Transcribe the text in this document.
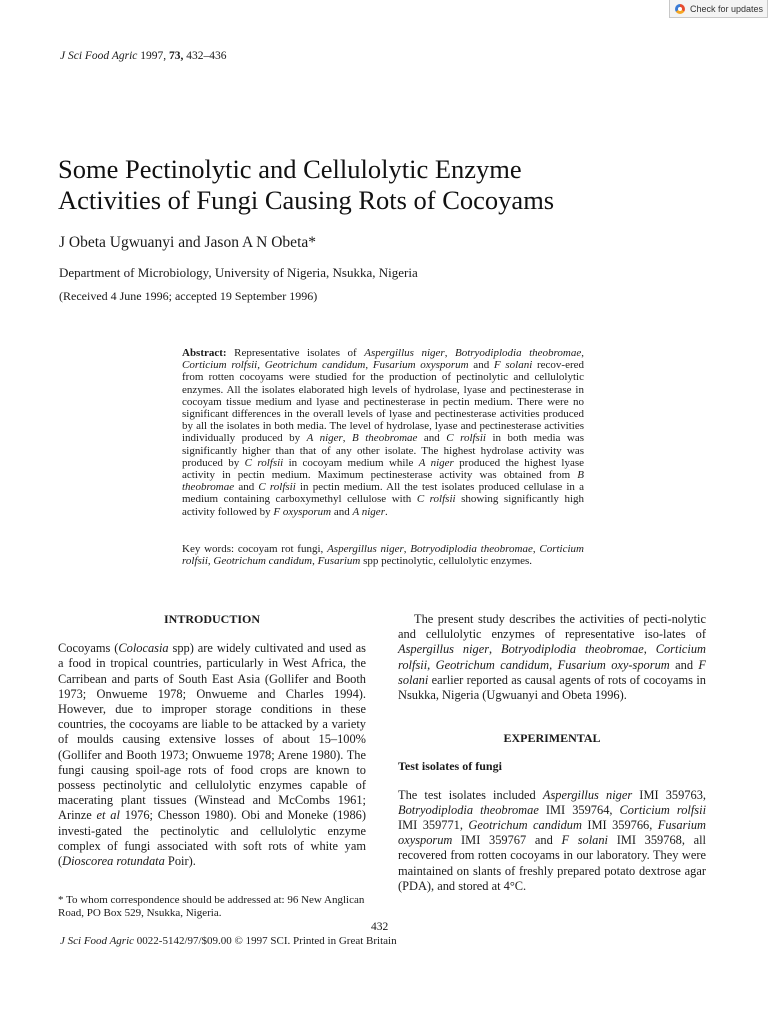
Check for updates
J Sci Food Agric 1997, 73, 432–436
Some Pectinolytic and Cellulolytic Enzyme
Activities of Fungi Causing Rots of Cocoyams
J Obeta Ugwuanyi and Jason A N Obeta*
Department of Microbiology, University of Nigeria, Nsukka, Nigeria
(Received 4 June 1996; accepted 19 September 1996)

Abstract: Representative isolates of Aspergillus niger, Botryodiplodia theobromae, Corticium rolfsii, Geotrichum candidum, Fusarium oxysporum and F solani recov-ered from rotten cocoyams were studied for the production of pectinolytic and cellulolytic enzymes. All the isolates elaborated high levels of hydrolase, lyase and pectinesterase in cocoyam tissue medium and lyase and pectinesterase in pectin medium. There were no significant differences in the overall levels of lyase and pectinesterase activities produced by all the isolates in both media. The level of hydrolase, lyase and pectinesterase activities individually produced by A niger, B theobromae and C rolfsii in both media was significantly higher than that of any other isolate. The highest hydrolase activity was produced by C rolfsii in cocoyam medium while A niger produced the highest lyase activity in pectin medium. Maximum pectinesterase activity was obtained from B theobromae and C rolfsii in pectin medium. All the test isolates produced cellulase in a medium containing carboxymethyl cellulose with C rolfsii showing significantly high activity followed by F oxysporum and A niger.

Key words: cocoyam rot fungi, Aspergillus niger, Botryodiplodia theobromae, Corticium rolfsii, Geotrichum candidum, Fusarium spp pectinolytic, cellulolytic enzymes.

INTRODUCTION

Cocoyams (Colocasia spp) are widely cultivated and used as a food in tropical countries, particularly in West Africa, the Carribean and parts of South East Asia (Gollifer and Booth 1973; Onwueme 1978; Onwueme and Charles 1994). However, due to improper storage conditions in these countries, the cocoyams are liable to be attacked by a variety of moulds causing extensive losses of about 15–100% (Gollifer and Booth 1973; Onwueme 1978; Arene 1980). The fungi causing spoil-age rots of food crops are known to possess pectinolytic and cellulolytic enzymes capable of macerating plant tissues (Winstead and McCombs 1961; Arinze et al 1976; Chesson 1980). Obi and Moneke (1986) investi-gated the pectinolytic and cellulolytic enzyme complex of fungi associated with soft rots of white yam (Dioscorea rotundata Poir).

The present study describes the activities of pecti-nolytic and cellulolytic enzymes of representative iso-lates of Aspergillus niger, Botryodiplodia theobromae, Corticium rolfsii, Geotrichum candidum, Fusarium oxy-sporum and F solani earlier reported as causal agents of rots of cocoyams in Nsukka, Nigeria (Ugwuanyi and Obeta 1996).

EXPERIMENTAL

Test isolates of fungi

The test isolates included Aspergillus niger IMI 359763, Botryodiplodia theobromae IMI 359764, Corticium rolfsii IMI 359771, Geotrichum candidum IMI 359766, Fusarium oxysporum IMI 359767 and F solani IMI 359768, all recovered from rotten cocoyams in our laboratory. They were maintained on slants of freshly prepared potato dextrose agar (PDA), and stored at 4°C.

* To whom correspondence should be addressed at: 96 New Anglican Road, PO Box 529, Nsukka, Nigeria.
432
J Sci Food Agric 0022-5142/97/$09.00 © 1997 SCI. Printed in Great Britain
